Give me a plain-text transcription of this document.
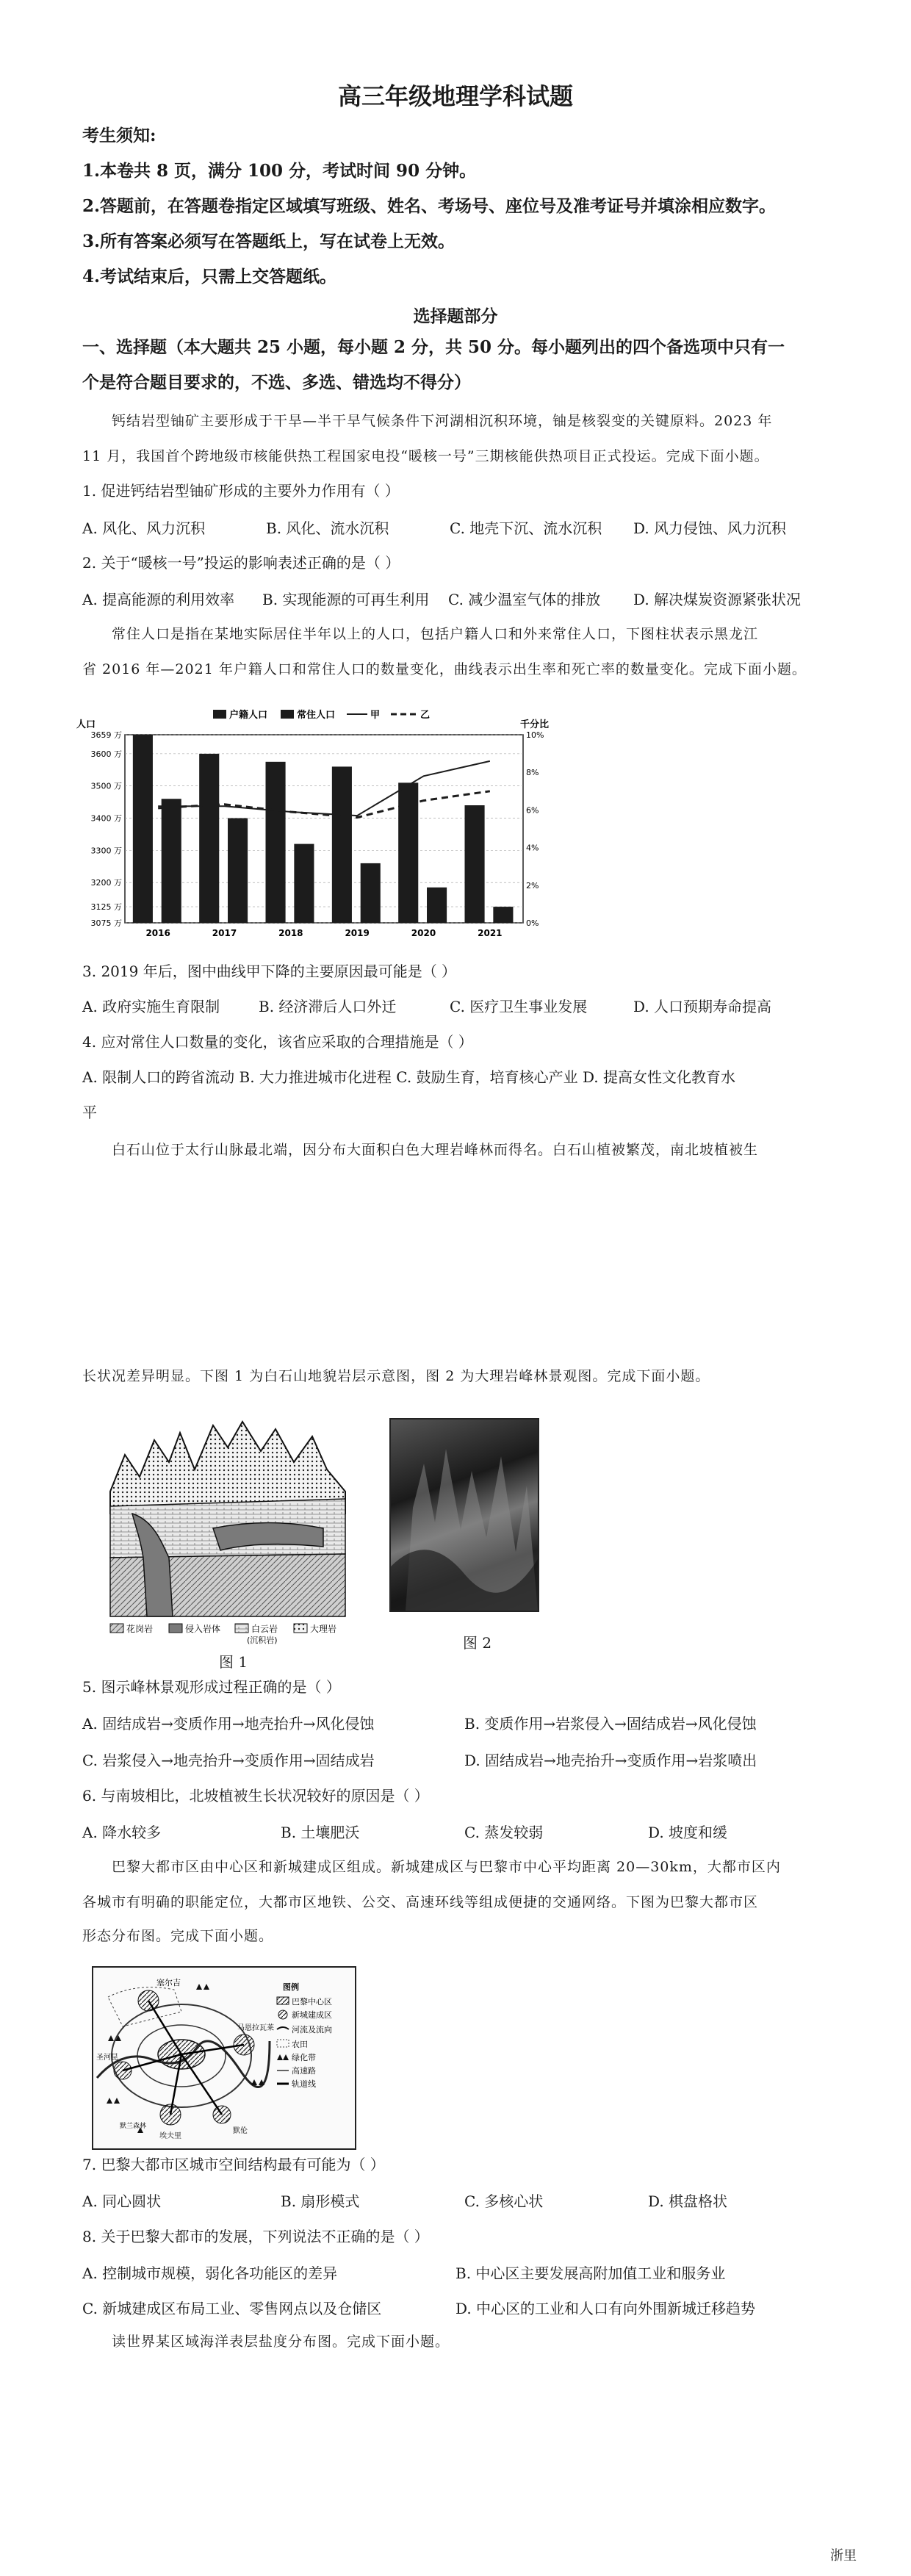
高三年级地理学科试题
考生须知:
1.本卷共 8 页，满分 100 分，考试时间 90 分钟。
2.答题前，在答题卷指定区域填写班级、姓名、考场号、座位号及准考证号并填涂相应数字。
3.所有答案必须写在答题纸上，写在试卷上无效。
4.考试结束后，只需上交答题纸。
选择题部分
一、选择题（本大题共 25 小题，每小题 2 分，共 50 分。每小题列出的四个备选项中只有一
个是符合题目要求的，不选、多选、错选均不得分）
钙结岩型铀矿主要形成于干旱—半干旱气候条件下河湖相沉积环境，铀是核裂变的关键原料。2023 年
11 月，我国首个跨地级市核能供热工程国家电投“暖核一号”三期核能供热项目正式投运。完成下面小题。
1. 促进钙结岩型铀矿形成的主要外力作用有（ ）
A. 风化、风力沉积	B. 风化、流水沉积	C. 地壳下沉、流水沉积 D. 风力侵蚀、风力沉积
2. 关于“暖核一号”投运的影响表述正确的是（ ）
A. 提高能源的利用效率 B. 实现能源的可再生利用 C. 减少温室气体的排放 D. 解决煤炭资源紧张状况
常住人口是指在某地实际居住半年以上的人口，包括户籍人口和外来常住人口，下图柱状表示黑龙江
省 2016 年—2021 年户籍人口和常住人口的数量变化，曲线表示出生率和死亡率的数量变化。完成下面小题。
户籍人口	常住人口	甲	乙
人口	千分比
3659 万
3600 万
3500 万
3400 万
3300 万
3200 万
3125 万
3075 万
10%
8%
6%
4%
2%
0%
2016	2017	2018	2019	2020	2021
3. 2019 年后，图中曲线甲下降的主要原因最可能是（ ）
A. 政府实施生育限制	B. 经济滞后人口外迁	C. 医疗卫生事业发展	D. 人口预期寿命提高
4. 应对常住人口数量的变化，该省应采取的合理措施是（ ）
A. 限制人口的跨省流动 B. 大力推进城市化进程 C. 鼓励生育，培育核心产业 D. 提高女性文化教育水
平
白石山位于太行山脉最北端，因分布大面积白色大理岩峰林而得名。白石山植被繁茂，南北坡植被生
长状况差异明显。下图 1 为白石山地貌岩层示意图，图 2 为大理岩峰林景观图。完成下面小题。
花岗岩	侵入岩体	白云岩
(沉积岩)
大理岩
图 1
图 2
5. 图示峰林景观形成过程正确的是（ ）
A. 固结成岩→变质作用→地壳抬升→风化侵蚀	B. 变质作用→岩浆侵入→固结成岩→风化侵蚀
C. 岩浆侵入→地壳抬升→变质作用→固结成岩	D. 固结成岩→地壳抬升→变质作用→岩浆喷出
6. 与南坡相比，北坡植被生长状况较好的原因是（ ）
A. 降水较多	B. 土壤肥沃	C. 蒸发较弱	D. 坡度和缓
巴黎大都市区由中心区和新城建成区组成。新城建成区与巴黎市中心平均距离 20—30km，大都市区内
各城市有明确的职能定位，大都市区地铁、公交、高速环线等组成便捷的交通网络。下图为巴黎大都市区
形态分布图。完成下面小题。
塞尔吉
马恩拉瓦莱
圣河昆
埃夫里
默伦
默兰森林
图例
巴黎中心区
新城建成区
河流及流向
农田
绿化带
高速路
轨道线
7. 巴黎大都市区城市空间结构最有可能为（ ）
A. 同心圆状	B. 扇形模式	C. 多核心状	D. 棋盘格状
8. 关于巴黎大都市的发展，下列说法不正确的是（ ）
A. 控制城市规模，弱化各功能区的差异	B. 中心区主要发展高附加值工业和服务业
C. 新城建成区布局工业、零售网点以及仓储区	D. 中心区的工业和人口有向外围新城迁移趋势
读世界某区域海洋表层盐度分布图。完成下面小题。
浙里
